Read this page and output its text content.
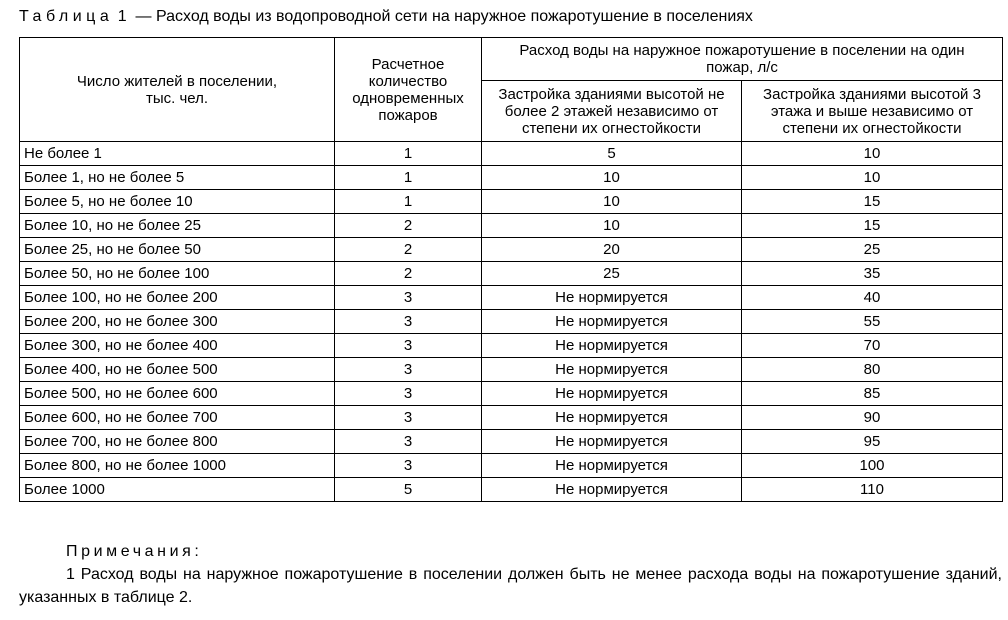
Таблица 1 — Расход воды из водопроводной сети на наружное пожаротушение в поселениях
Число жителей в поселении, тыс. чел.	Расчетное количество одновременных пожаров	Расход воды на наружное пожаротушение в поселении на один пожар, л/с	
		Застройка зданиями высотой не более 2 этажей независимо от степени их огнестойкости	Застройка зданиями высотой 3 этажа и выше независимо от степени их огнестойкости
Не более 1	1	5	10
Более 1, но не более 5	1	10	10
Более 5, но не более 10	1	10	15
Более 10, но не более 25	2	10	15
Более 25, но не более 50	2	20	25
Более 50, но не более 100	2	25	35
Более 100, но не более 200	3	Не нормируется	40
Более 200, но не более 300	3	Не нормируется	55
Более 300, но не более 400	3	Не нормируется	70
Более 400, но не более 500	3	Не нормируется	80
Более 500, но не более 600	3	Не нормируется	85
Более 600, но не более 700	3	Не нормируется	90
Более 700, но не более 800	3	Не нормируется	95
Более 800, но не более 1000	3	Не нормируется	100
Более 1000	5	Не нормируется	110
Примечания:
1 Расход воды на наружное пожаротушение в поселении должен быть не менее расхода воды на пожаротушение зданий, указанных в таблице 2.
